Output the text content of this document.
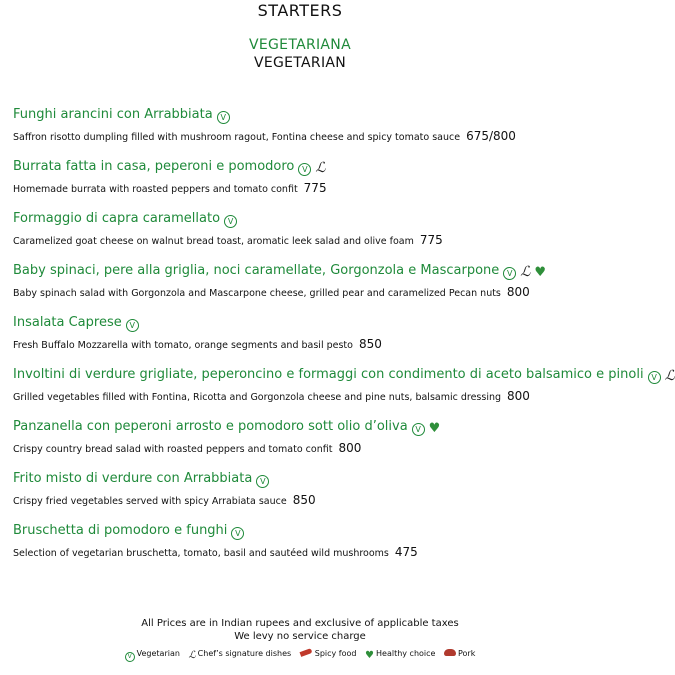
STARTERS
VEGETARIANA
VEGETARIAN
Funghi arancini con Arrabbiata V
Saffron risotto dumpling filled with mushroom ragout, Fontina cheese and spicy tomato sauce 675/800
Burrata fatta in casa, peperoni e pomodoro V ℒ
Homemade burrata with roasted peppers and tomato confit 775
Formaggio di capra caramellato V
Caramelized goat cheese on walnut bread toast, aromatic leek salad and olive foam 775
Baby spinaci, pere alla griglia, noci caramellate, Gorgonzola e Mascarpone V ℒ ♥
Baby spinach salad with Gorgonzola and Mascarpone cheese, grilled pear and caramelized Pecan nuts 800
Insalata Caprese V
Fresh Buffalo Mozzarella with tomato, orange segments and basil pesto 850
Involtini di verdure grigliate, peperoncino e formaggi con condimento di aceto balsamico e pinoli V ℒ
Grilled vegetables filled with Fontina, Ricotta and Gorgonzola cheese and pine nuts, balsamic dressing 800
Panzanella con peperoni arrosto e pomodoro sott olio d’oliva V ♥
Crispy country bread salad with roasted peppers and tomato confit 800
Frito misto di verdure con Arrabbiata V
Crispy fried vegetables served with spicy Arrabiata sauce 850
Bruschetta di pomodoro e funghi V
Selection of vegetarian bruschetta, tomato, basil and sautéed wild mushrooms 475
All Prices are in Indian rupees and exclusive of applicable taxes
We levy no service charge
V Vegetarian ℒ Chef’s signature dishes	Spicy food ♥ Healthy choice	Pork
